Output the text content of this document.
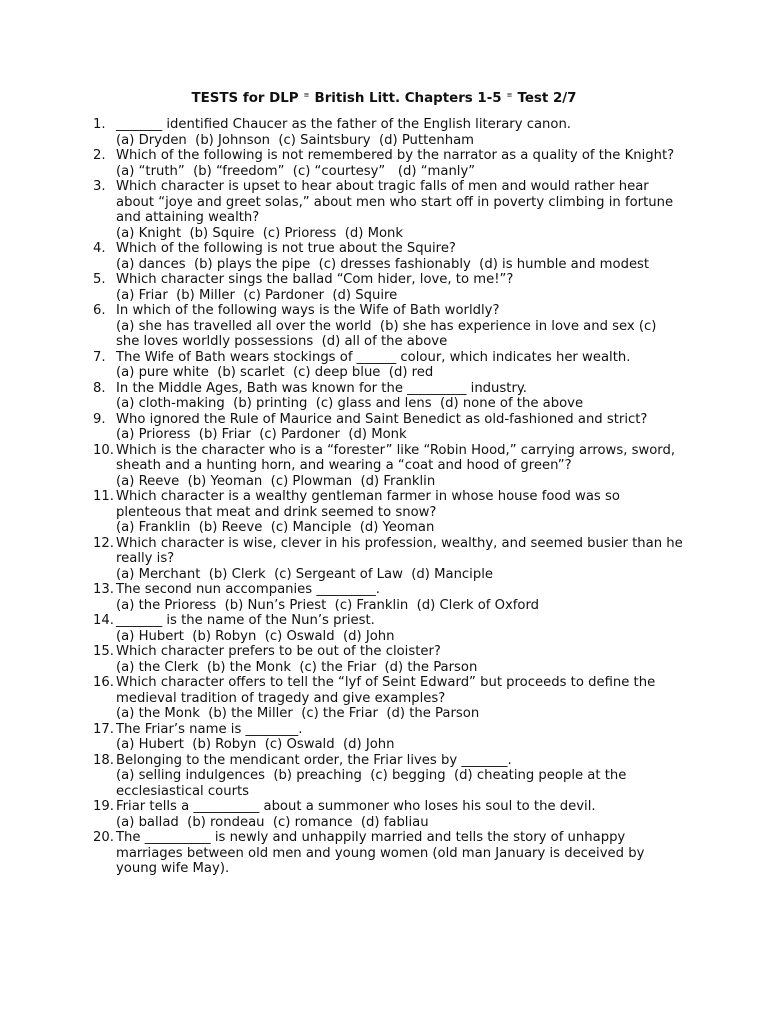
TESTS for DLP ≡ British Litt. Chapters 1-5 ≡ Test 2/7
1. _______ identified Chaucer as the father of the English literary canon.
(a) Dryden  (b) Johnson  (c) Saintsbury  (d) Puttenham
2. Which of the following is not remembered by the narrator as a quality of the Knight?
(a) “truth”  (b) “freedom”  (c) “courtesy”   (d) “manly”
3. Which character is upset to hear about tragic falls of men and would rather hear about “joye and greet solas,” about men who start off in poverty climbing in fortune and attaining wealth?
(a) Knight  (b) Squire  (c) Prioress  (d) Monk
4. Which of the following is not true about the Squire?
(a) dances  (b) plays the pipe  (c) dresses fashionably  (d) is humble and modest
5. Which character sings the ballad “Com hider, love, to me!”?
(a) Friar  (b) Miller  (c) Pardoner  (d) Squire
6. In which of the following ways is the Wife of Bath worldly?
(a) she has travelled all over the world  (b) she has experience in love and sex (c) she loves worldly possessions  (d) all of the above
7. The Wife of Bath wears stockings of ______ colour, which indicates her wealth.
(a) pure white  (b) scarlet  (c) deep blue  (d) red
8. In the Middle Ages, Bath was known for the _________ industry.
(a) cloth-making  (b) printing  (c) glass and lens  (d) none of the above
9. Who ignored the Rule of Maurice and Saint Benedict as old-fashioned and strict?
(a) Prioress  (b) Friar  (c) Pardoner  (d) Monk
10. Which is the character who is a “forester” like “Robin Hood,” carrying arrows, sword, sheath and a hunting horn, and wearing a “coat and hood of green”?
(a) Reeve  (b) Yeoman  (c) Plowman  (d) Franklin
11. Which character is a wealthy gentleman farmer in whose house food was so plenteous that meat and drink seemed to snow?
(a) Franklin  (b) Reeve  (c) Manciple  (d) Yeoman
12. Which character is wise, clever in his profession, wealthy, and seemed busier than he really is?
(a) Merchant  (b) Clerk  (c) Sergeant of Law  (d) Manciple
13. The second nun accompanies _________.
(a) the Prioress  (b) Nun’s Priest  (c) Franklin  (d) Clerk of Oxford
14. _______ is the name of the Nun’s priest.
(a) Hubert  (b) Robyn  (c) Oswald  (d) John
15. Which character prefers to be out of the cloister?
(a) the Clerk  (b) the Monk  (c) the Friar  (d) the Parson
16. Which character offers to tell the “lyf of Seint Edward” but proceeds to define the medieval tradition of tragedy and give examples?
(a) the Monk  (b) the Miller  (c) the Friar  (d) the Parson
17. The Friar’s name is ________.
(a) Hubert  (b) Robyn  (c) Oswald  (d) John
18. Belonging to the mendicant order, the Friar lives by _______.
(a) selling indulgences  (b) preaching  (c) begging  (d) cheating people at the ecclesiastical courts
19. Friar tells a __________ about a summoner who loses his soul to the devil.
(a) ballad  (b) rondeau  (c) romance  (d) fabliau
20. The __________ is newly and unhappily married and tells the story of unhappy marriages between old men and young women (old man January is deceived by young wife May).
